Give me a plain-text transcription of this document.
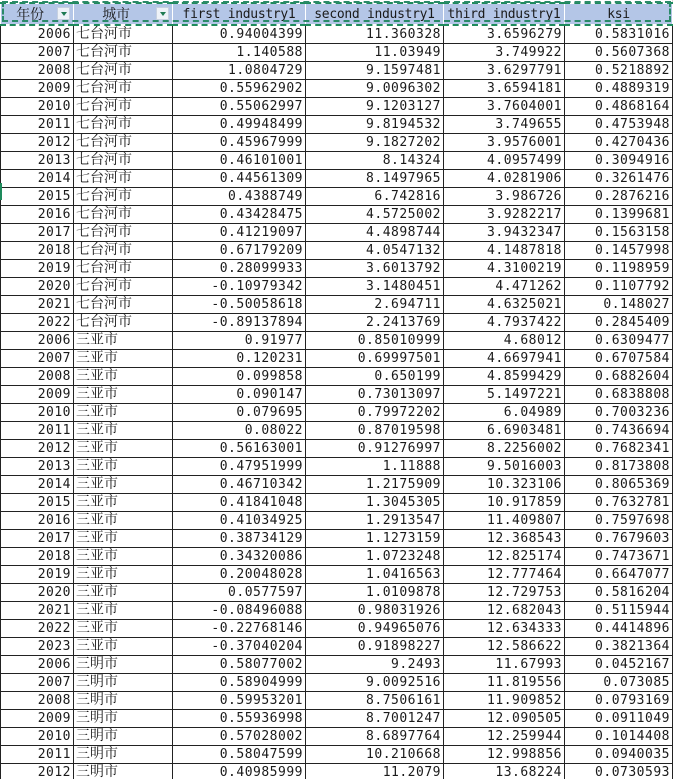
年份	城市	first industry1	second industry1	third industry1	ksi
2006	七台河市	0.94004399	11.360328	3.6596279	0.5831016
2007	七台河市	1.140588	11.03949	3.749922	0.5607368
2008	七台河市	1.0804729	9.1597481	3.6297791	0.5218892
2009	七台河市	0.55962902	9.0096302	3.6594181	0.4889319
2010	七台河市	0.55062997	9.1203127	3.7604001	0.4868164
2011	七台河市	0.49948499	9.8194532	3.749655	0.4753948
2012	七台河市	0.45967999	9.1827202	3.9576001	0.4270436
2013	七台河市	0.46101001	8.14324	4.0957499	0.3094916
2014	七台河市	0.44561309	8.1497965	4.0281906	0.3261476
2015	七台河市	0.4388749	6.742816	3.986726	0.2876216
2016	七台河市	0.43428475	4.5725002	3.9282217	0.1399681
2017	七台河市	0.41219097	4.4898744	3.9432347	0.1563158
2018	七台河市	0.67179209	4.0547132	4.1487818	0.1457998
2019	七台河市	0.28099933	3.6013792	4.3100219	0.1198959
2020	七台河市	-0.10979342	3.1480451	4.471262	0.1107792
2021	七台河市	-0.50058618	2.694711	4.6325021	0.148027
2022	七台河市	-0.89137894	2.2413769	4.7937422	0.2845409
2006	三亚市	0.91977	0.85010999	4.68012	0.6309477
2007	三亚市	0.120231	0.69997501	4.6697941	0.6707584
2008	三亚市	0.099858	0.650199	4.8599429	0.6882604
2009	三亚市	0.090147	0.73013097	5.1497221	0.6838808
2010	三亚市	0.079695	0.79972202	6.04989	0.7003236
2011	三亚市	0.08022	0.87019598	6.6903481	0.7436694
2012	三亚市	0.56163001	0.91276997	8.2256002	0.7682341
2013	三亚市	0.47951999	1.11888	9.5016003	0.8173808
2014	三亚市	0.46710342	1.2175909	10.323106	0.8065369
2015	三亚市	0.41841048	1.3045305	10.917859	0.7632781
2016	三亚市	0.41034925	1.2913547	11.409807	0.7597698
2017	三亚市	0.38734129	1.1273159	12.368543	0.7679603
2018	三亚市	0.34320086	1.0723248	12.825174	0.7473671
2019	三亚市	0.20048028	1.0416563	12.777464	0.6647077
2020	三亚市	0.0577597	1.0109878	12.729753	0.5816204
2021	三亚市	-0.08496088	0.98031926	12.682043	0.5115944
2022	三亚市	-0.22768146	0.94965076	12.634333	0.4414896
2023	三亚市	-0.37040204	0.91898227	12.586622	0.3821364
2006	三明市	0.58077002	9.2493	11.67993	0.0452167
2007	三明市	0.58904999	9.0092516	11.819556	0.073085
2008	三明市	0.59953201	8.7506161	11.909852	0.0793169
2009	三明市	0.55936998	8.7001247	12.090505	0.0911049
2010	三明市	0.57028002	8.6897764	12.259944	0.1014408
2011	三明市	0.58047599	10.210668	12.998856	0.0940035
2012	三明市	0.40985999	11.2079	13.68224	0.0730593
